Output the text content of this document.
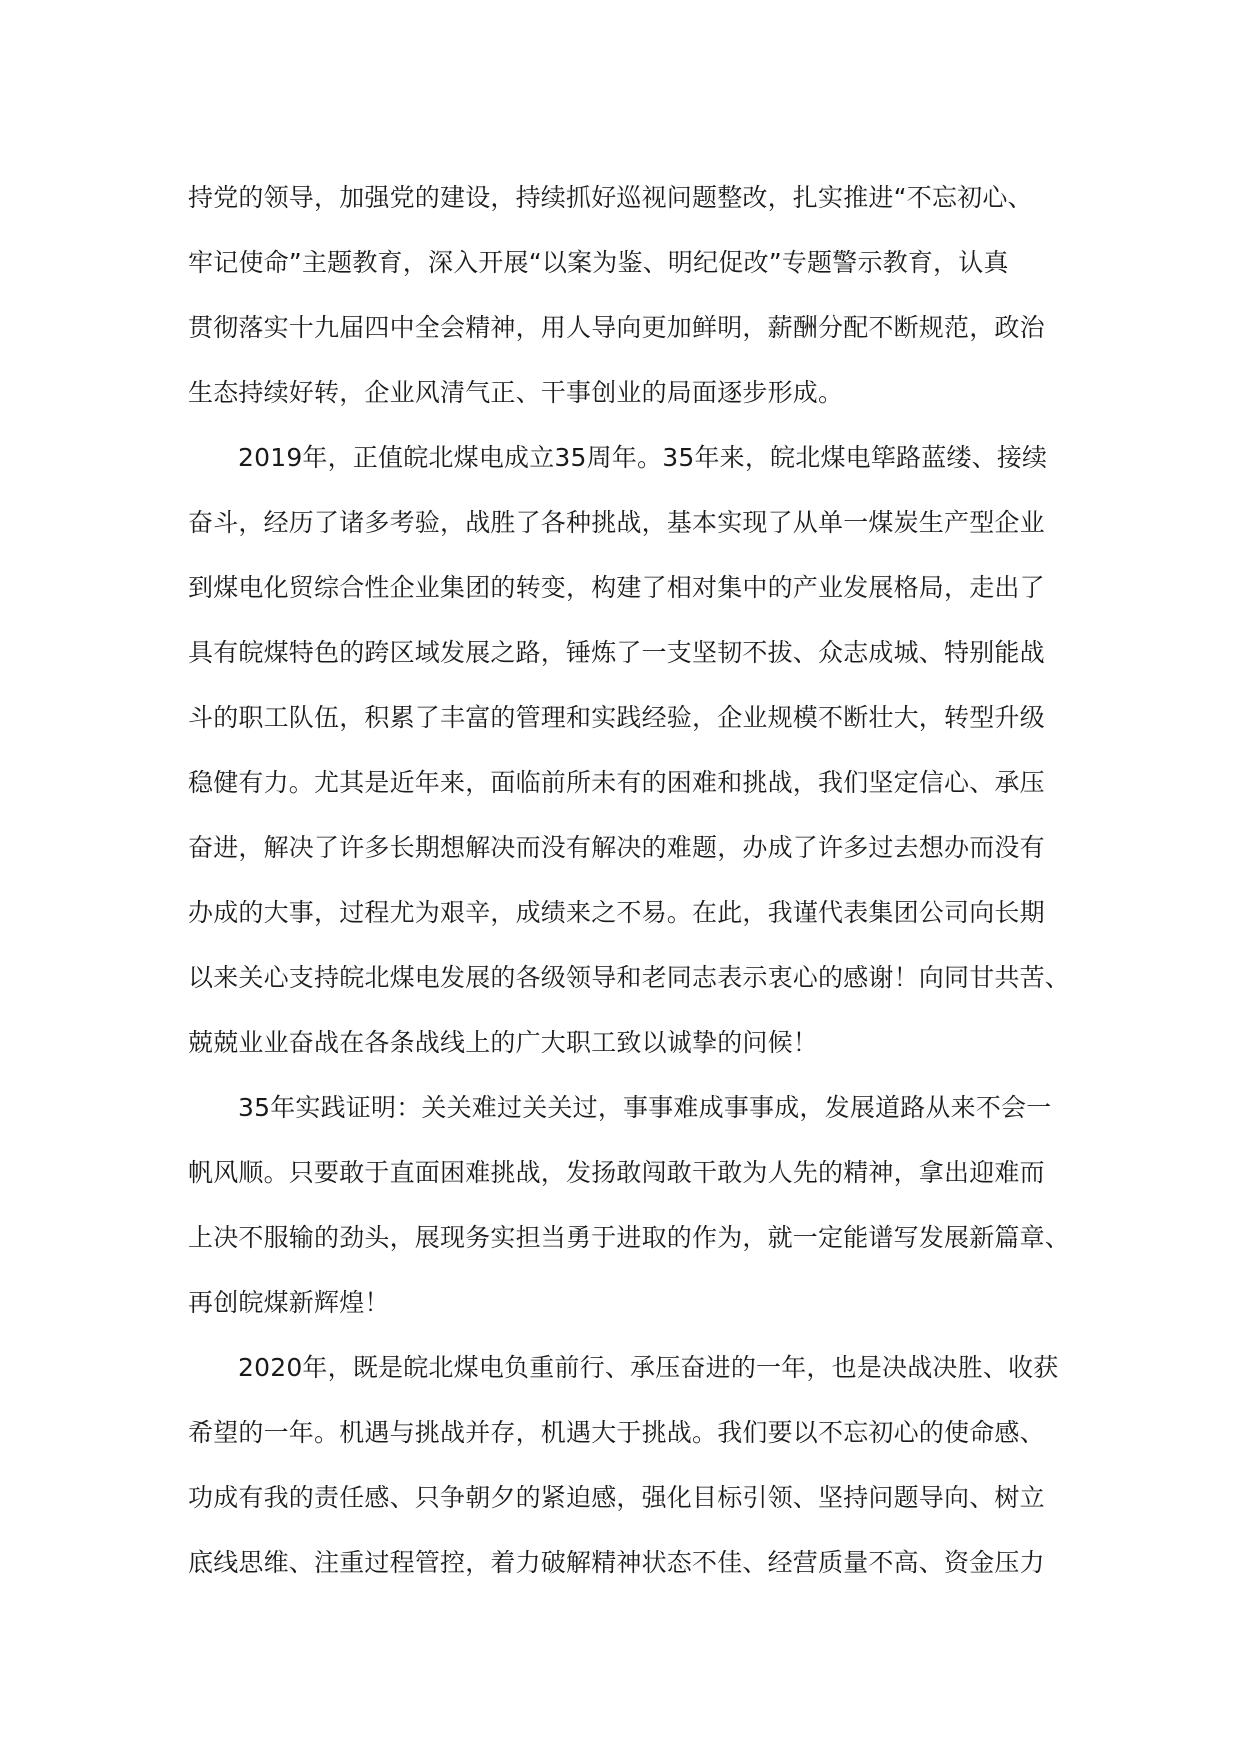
持党的领导，加强党的建设，持续抓好巡视问题整改，扎实推进“不忘初心、
牢记使命”主题教育，深入开展“以案为鉴、明纪促改”专题警示教育，认真
贯彻落实十九届四中全会精神，用人导向更加鲜明，薪酬分配不断规范，政治
生态持续好转，企业风清气正、干事创业的局面逐步形成。
2019年，正值皖北煤电成立35周年。35年来，皖北煤电筚路蓝缕、接续
奋斗，经历了诸多考验，战胜了各种挑战，基本实现了从单一煤炭生产型企业
到煤电化贸综合性企业集团的转变，构建了相对集中的产业发展格局，走出了
具有皖煤特色的跨区域发展之路，锤炼了一支坚韧不拔、众志成城、特别能战
斗的职工队伍，积累了丰富的管理和实践经验，企业规模不断壮大，转型升级
稳健有力。尤其是近年来，面临前所未有的困难和挑战，我们坚定信心、承压
奋进，解决了许多长期想解决而没有解决的难题，办成了许多过去想办而没有
办成的大事，过程尤为艰辛，成绩来之不易。在此，我谨代表集团公司向长期
以来关心支持皖北煤电发展的各级领导和老同志表示衷心的感谢！向同甘共苦、
兢兢业业奋战在各条战线上的广大职工致以诚挚的问候！
35年实践证明：关关难过关关过，事事难成事事成，发展道路从来不会一
帆风顺。只要敢于直面困难挑战，发扬敢闯敢干敢为人先的精神，拿出迎难而
上决不服输的劲头，展现务实担当勇于进取的作为，就一定能谱写发展新篇章、
再创皖煤新辉煌！
2020年，既是皖北煤电负重前行、承压奋进的一年，也是决战决胜、收获
希望的一年。机遇与挑战并存，机遇大于挑战。我们要以不忘初心的使命感、
功成有我的责任感、只争朝夕的紧迫感，强化目标引领、坚持问题导向、树立
底线思维、注重过程管控，着力破解精神状态不佳、经营质量不高、资金压力
